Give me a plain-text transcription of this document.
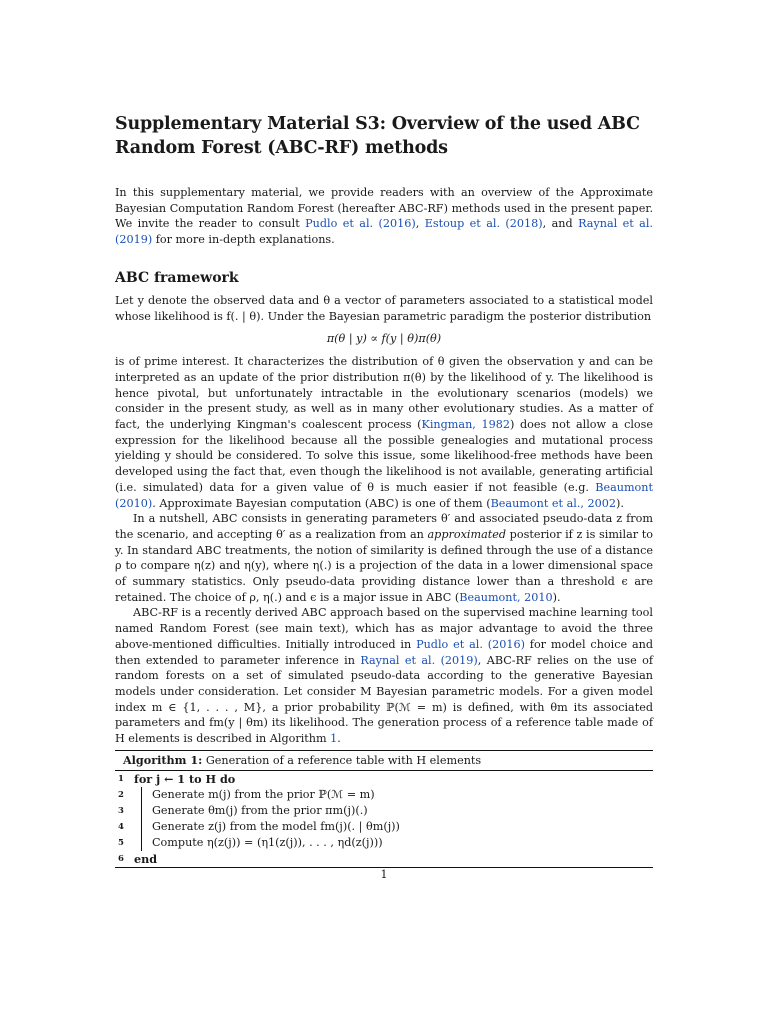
Supplementary Material S3: Overview of the used ABC Random Forest (ABC-RF) methods

In this supplementary material, we provide readers with an overview of the Approximate Bayesian Computation Random Forest (hereafter ABC-RF) methods used in the present paper. We invite the reader to consult Pudlo et al. (2016), Estoup et al. (2018), and Raynal et al. (2019) for more in-depth explanations.

ABC framework

Let y denote the observed data and θ a vector of parameters associated to a statistical model whose likelihood is f(. | θ). Under the Bayesian parametric paradigm the posterior distribution

π(θ | y) ∝ f(y | θ)π(θ)

is of prime interest. It characterizes the distribution of θ given the observation y and can be interpreted as an update of the prior distribution π(θ) by the likelihood of y. The likelihood is hence pivotal, but unfortunately intractable in the evolutionary scenarios (models) we consider in the present study, as well as in many other evolutionary studies. As a matter of fact, the underlying Kingman's coalescent process (Kingman, 1982) does not allow a close expression for the likelihood because all the possible genealogies and mutational process yielding y should be considered. To solve this issue, some likelihood-free methods have been developed using the fact that, even though the likelihood is not available, generating artificial (i.e. simulated) data for a given value of θ is much easier if not feasible (e.g. Beaumont (2010). Approximate Bayesian computation (ABC) is one of them (Beaumont et al., 2002).

In a nutshell, ABC consists in generating parameters θ′ and associated pseudo-data z from the scenario, and accepting θ′ as a realization from an approximated posterior if z is similar to y. In standard ABC treatments, the notion of similarity is defined through the use of a distance ρ to compare η(z) and η(y), where η(.) is a projection of the data in a lower dimensional space of summary statistics. Only pseudo-data providing distance lower than a threshold ϵ are retained. The choice of ρ, η(.) and ϵ is a major issue in ABC (Beaumont, 2010).

ABC-RF is a recently derived ABC approach based on the supervised machine learning tool named Random Forest (see main text), which has as major advantage to avoid the three above-mentioned difficulties. Initially introduced in Pudlo et al. (2016) for model choice and then extended to parameter inference in Raynal et al. (2019), ABC-RF relies on the use of random forests on a set of simulated pseudo-data according to the generative Bayesian models under consideration. Let consider M Bayesian parametric models. For a given model index m ∈ {1, . . . , M}, a prior probability ℙ(ℳ = m) is defined, with θm its associated parameters and fm(y | θm) its likelihood. The generation process of a reference table made of H elements is described in Algorithm 1.

Algorithm 1: Generation of a reference table with H elements
1 for j ← 1 to H do
2	Generate m(j) from the prior ℙ(ℳ = m)
3	Generate θm(j) from the prior πm(j)(.)
4	Generate z(j) from the model fm(j)(. | θm(j))
5	Compute η(z(j)) = (η1(z(j)), . . . , ηd(z(j)))
6 end
1
